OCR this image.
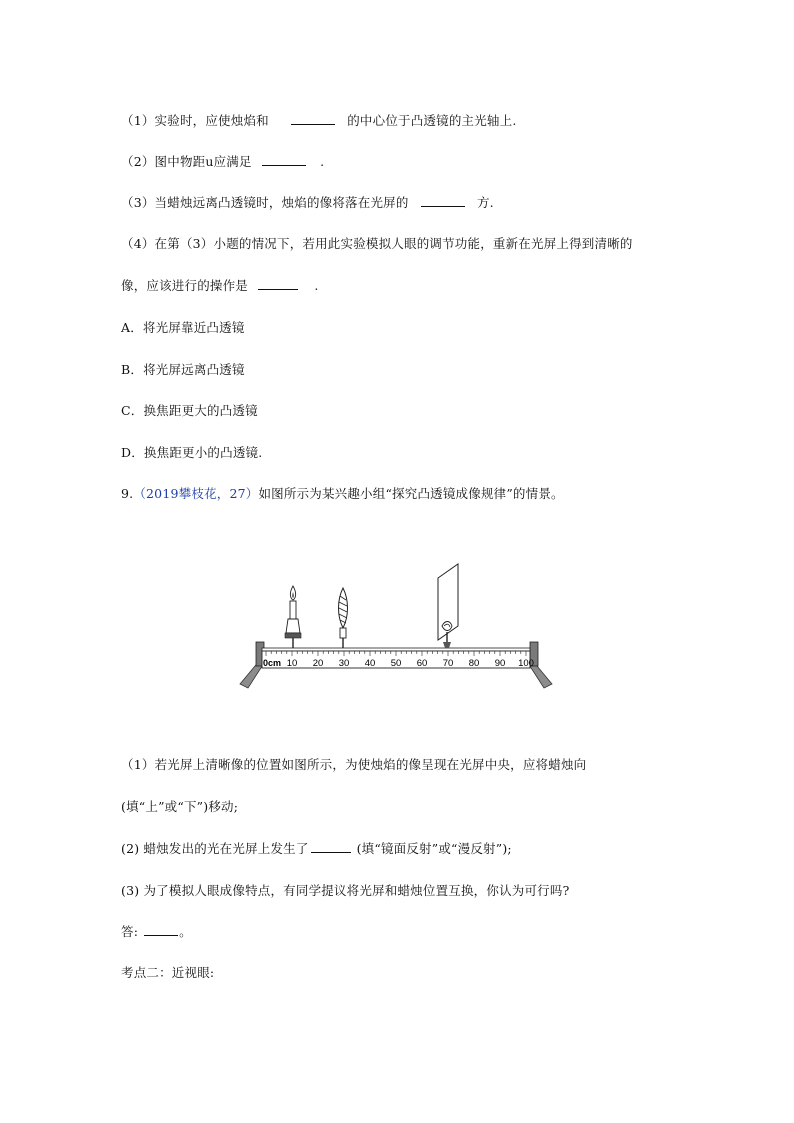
（1）实验时，应使烛焰和	的中心位于凸透镜的主光轴上.
（2）图中物距u应满足	.
（3）当蜡烛远离凸透镜时，烛焰的像将落在光屏的	方.
（4）在第（3）小题的情况下，若用此实验模拟人眼的调节功能，重新在光屏上得到清晰的
像，应该进行的操作是	.
A．将光屏靠近凸透镜
B．将光屏远离凸透镜
C．换焦距更大的凸透镜
D．换焦距更小的凸透镜.
9.（2019攀枝花，27）如图所示为某兴趣小组“探究凸透镜成像规律”的情景。
0cm 10 20 30 40 50 60 70 80 90 100
（1）若光屏上清晰像的位置如图所示，为使烛焰的像呈现在光屏中央，应将蜡烛向
(填“上”或“下”)移动;
(2) 蜡烛发出的光在光屏上发生了	(填“镜面反射”或“漫反射”);
(3) 为了模拟人眼成像特点，有同学提议将光屏和蜡烛位置互换，你认为可行吗?
答:	。
考点二：近视眼:
